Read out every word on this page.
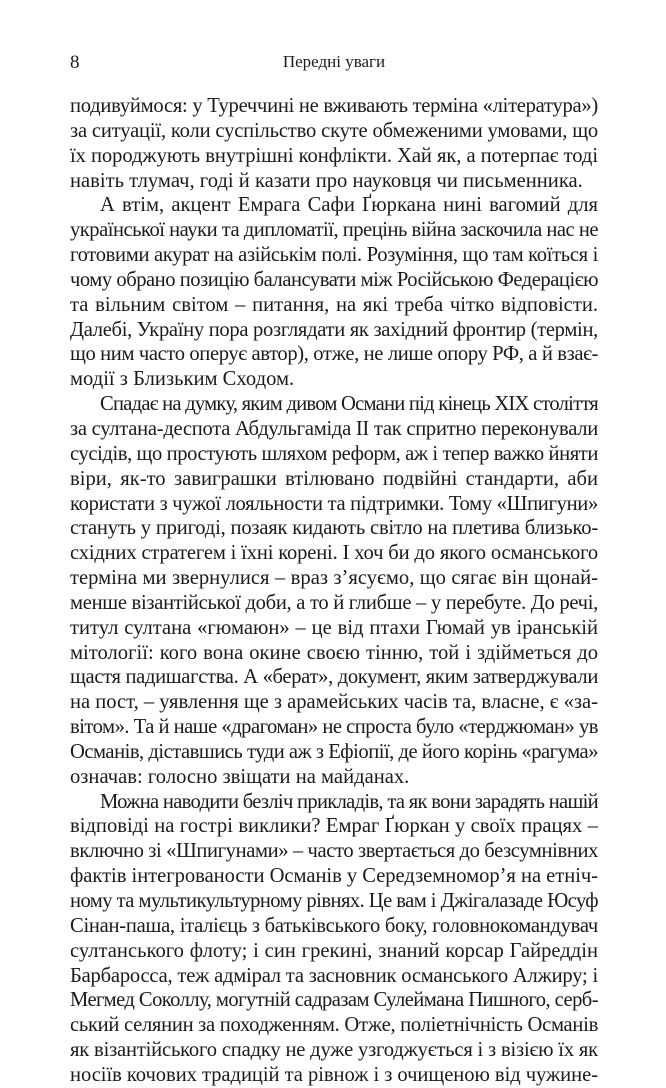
8	Передні уваги
подивуймося: у Туреччині не вживають терміна «література»)
за ситуації, коли суспільство скуте обмеженими умовами, що
їх породжують внутрішні конфлікти. Хай як, а потерпає тоді
навіть тлумач, годі й казати про науковця чи письменника.
А втім, акцент Емрага Сафи Ґюркана нині вагомий для
української науки та дипломатії, прецінь війна заскочила нас не
готовими акурат на азійськім полі. Розуміння, що там коїться і
чому обрано позицію балансувати між Російською Федерацією
та вільним світом – питання, на які треба чітко відповісти.
Далебі, Україну пора розглядати як західний фронтир (термін,
що ним часто оперує автор), отже, не лише опору РФ, а й взає-
модії з Близьким Сходом.
Спадає на думку, яким дивом Османи під кінець XIX століття
за султана-деспота Абдульгаміда II так спритно переконували
сусідів, що простують шляхом реформ, аж і тепер важко йняти
віри, як-то завиграшки втілювано подвійні стандарти, аби
користати з чужої лояльности та підтримки. Тому «Шпигуни»
стануть у пригоді, позаяк кидають світло на плетива близько-
східних стратегем і їхні корені. І хоч би до якого османського
терміна ми звернулися – враз з’ясуємо, що сягає він щонай-
менше візантійської доби, а то й глибше – у перебуте. До речі,
титул султана «гюмаюн» – це від птахи Гюмай ув іранській
мітології: кого вона окине своєю тінню, той і здійметься до
щастя падишагства. А «берат», документ, яким затверджували
на пост, – уявлення ще з арамейських часів та, власне, є «за-
вітом». Та й наше «драгоман» не спроста було «терджюман» ув
Османів, діставшись туди аж з Ефіопії, де його корінь «рагума»
означав: голосно звіщати на майданах.
Можна наводити безліч прикладів, та як вони зарадять нашій
відповіді на гострі виклики? Емраг Ґюркан у своїх працях –
включно зі «Шпигунами» – часто звертається до безсумнівних
фактів інтегрованости Османів у Середземномор’я на етніч-
ному та мультикультурному рівнях. Це вам і Джігалазаде Юсуф
Сінан-паша, італієць з батьківського боку, головнокомандувач
султанського флоту; і син грекині, знаний корсар Гайреддін
Барбаросса, теж адмірал та засновник османського Алжиру; і
Мегмед Соколлу, могутній садразам Сулеймана Пишного, серб-
ський селянин за походженням. Отже, поліетнічність Османів
як візантійського спадку не дуже узгоджується і з візією їх як
носіїв кочових традицій та рівнож і з очищеною від чужине-
